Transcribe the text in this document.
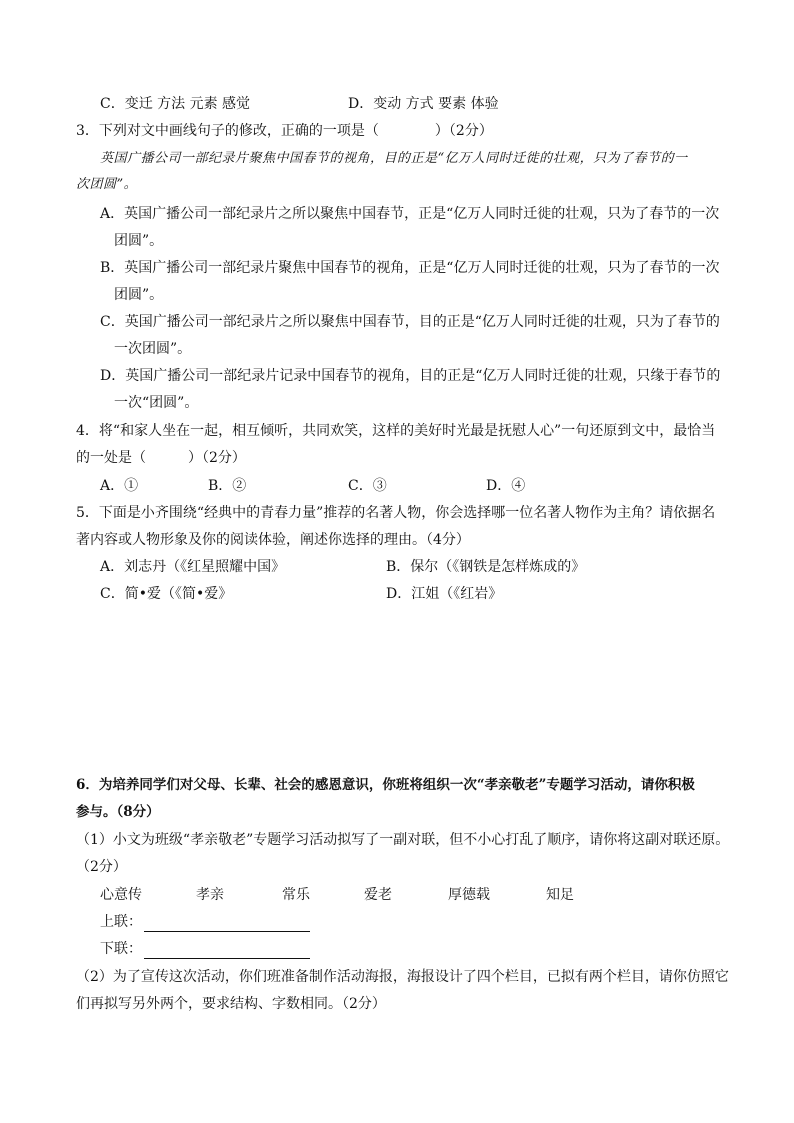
C．变迁 方法 元素 感觉	D．变动 方式 要素 体验
3．下列对文中画线句子的修改，正确的一项是（　　　　）（2分）
英国广播公司一部纪录片聚焦中国春节的视角，目的正是“亿万人同时迁徙的壮观，只为了春节的一
次团圆”。
A．英国广播公司一部纪录片之所以聚焦中国春节，正是“亿万人同时迁徙的壮观，只为了春节的一次
团圆”。
B．英国广播公司一部纪录片聚焦中国春节的视角，正是“亿万人同时迁徙的壮观，只为了春节的一次
团圆”。
C．英国广播公司一部纪录片之所以聚焦中国春节，目的正是“亿万人同时迁徙的壮观，只为了春节的
一次团圆”。
D．英国广播公司一部纪录片记录中国春节的视角，目的正是“亿万人同时迁徙的壮观，只缘于春节的
一次“团圆”。
4．将“和家人坐在一起，相互倾听，共同欢笑，这样的美好时光最是抚慰人心”一句还原到文中，最恰当
的一处是（　　　）（2分）
A．①	B．②	C．③	D．④
5．下面是小齐围绕“经典中的青春力量”推荐的名著人物，你会选择哪一位名著人物作为主角？请依据名
著内容或人物形象及你的阅读体验，阐述你选择的理由。（4分）
A．刘志丹（《红星照耀中国》	B．保尔（《钢铁是怎样炼成的》
C．简•爱（《简•爱》	D．江姐（《红岩》
6．为培养同学们对父母、长辈、社会的感恩意识，你班将组织一次“孝亲敬老”专题学习活动，请你积极
参与。（8分）
（1）小文为班级“孝亲敬老”专题学习活动拟写了一副对联，但不小心打乱了顺序，请你将这副对联还原。
（2分）
心意传	孝亲	常乐	爱老	厚德载	知足
上联：
下联：
（2）为了宣传这次活动，你们班准备制作活动海报，海报设计了四个栏目，已拟有两个栏目，请你仿照它
们再拟写另外两个，要求结构、字数相同。（2分）
